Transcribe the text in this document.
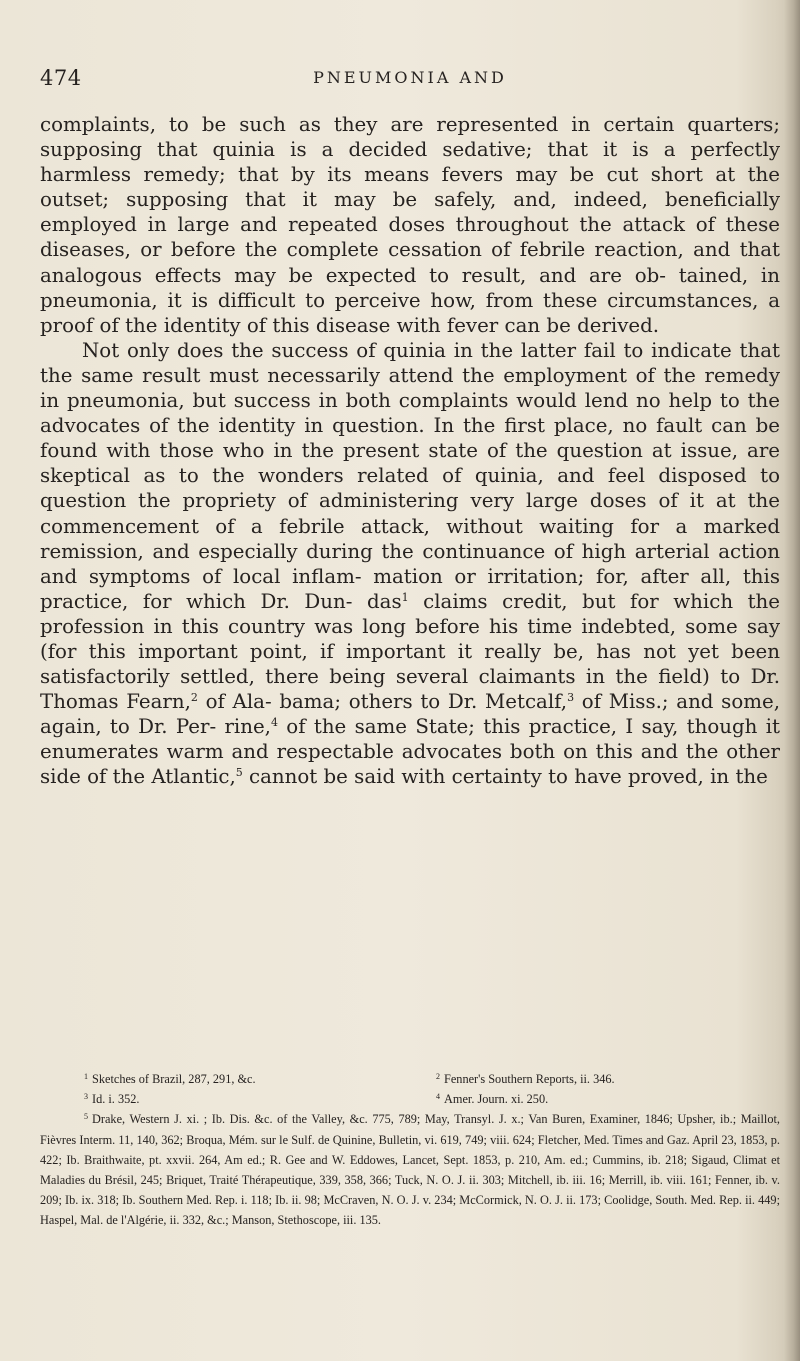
474	PNEUMONIA AND

complaints, to be such as they are represented in certain quarters; supposing that quinia is a decided sedative; that it is a perfectly harmless remedy; that by its means fevers may be cut short at the outset; supposing that it may be safely, and, indeed, beneficially employed in large and repeated doses throughout the attack of these diseases, or before the complete cessation of febrile reaction, and that analogous effects may be expected to result, and are ob- tained, in pneumonia, it is difficult to perceive how, from these circumstances, a proof of the identity of this disease with fever can be derived.

Not only does the success of quinia in the latter fail to indicate that the same result must necessarily attend the employment of the remedy in pneumonia, but success in both complaints would lend no help to the advocates of the identity in question. In the first place, no fault can be found with those who in the present state of the question at issue, are skeptical as to the wonders related of quinia, and feel disposed to question the propriety of administering very large doses of it at the commencement of a febrile attack, without waiting for a marked remission, and especially during the continuance of high arterial action and symptoms of local inflam- mation or irritation; for, after all, this practice, for which Dr. Dun- das$^1$ claims credit, but for which the profession in this country was long before his time indebted, some say (for this important point, if important it really be, has not yet been satisfactorily settled, there being several claimants in the field) to Dr. Thomas Fearn,$^2$ of Ala- bama; others to Dr. Metcalf,$^3$ of Miss.; and some, again, to Dr. Per- rine,$^4$ of the same State; this practice, I say, though it enumerates warm and respectable advocates both on this and the other side of the Atlantic,$^5$ cannot be said with certainty to have proved, in the

$^1$ Sketches of Brazil, 287, 291, &c.	$^2$ Fenner's Southern Reports, ii. 346.
$^3$ Id. i. 352.	$^4$ Amer. Journ. xi. 250.
$^5$ Drake, Western J. xi. ; Ib. Dis. &c. of the Valley, &c. 775, 789; May, Transyl. J. x.; Van Buren, Examiner, 1846; Upsher, ib.; Maillot, Fièvres Interm. 11, 140, 362; Broqua, Mém. sur le Sulf. de Quinine, Bulletin, vi. 619, 749; viii. 624; Fletcher, Med. Times and Gaz. April 23, 1853, p. 422; Ib. Braithwaite, pt. xxvii. 264, Am ed.; R. Gee and W. Eddowes, Lancet, Sept. 1853, p. 210, Am. ed.; Cummins, ib. 218; Sigaud, Climat et Maladies du Brésil, 245; Briquet, Traité Thérapeutique, 339, 358, 366; Tuck, N. O. J. ii. 303; Mitchell, ib. iii. 16; Merrill, ib. viii. 161; Fenner, ib. v. 209; Ib. ix. 318; Ib. Southern Med. Rep. i. 118; Ib. ii. 98; McCraven, N. O. J. v. 234; McCormick, N. O. J. ii. 173; Coolidge, South. Med. Rep. ii. 449; Haspel, Mal. de l'Algérie, ii. 332, &c.; Manson, Stethoscope, iii. 135.
